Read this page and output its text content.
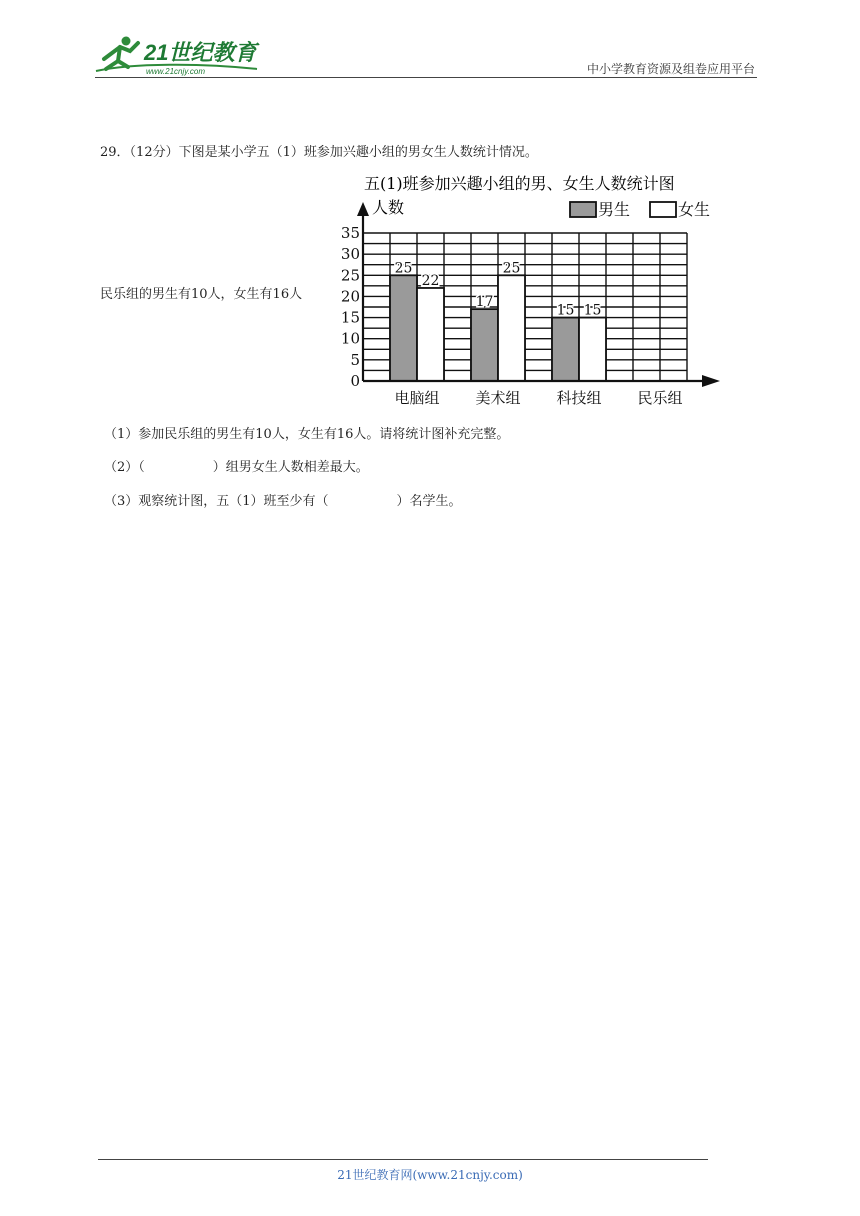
21世纪教育
www.21cnjy.com	中小学教育资源及组卷应用平台
29．（12分）下图是某小学五（1）班参加兴趣小组的男女生人数统计情况。
民乐组的男生有10人，女生有16人
五(1)班参加兴趣小组的男、女生人数统计图
人数	男生	女生
25
22
电脑组
17
25
美术组
15 15
科技组 民乐组
0
5
10
15
20
25
30
35
（1）参加民乐组的男生有10人，女生有16人。请将统计图补充完整。
（2）（	）组男女生人数相差最大。
（3）观察统计图，五（1）班至少有（	）名学生。
21世纪教育网(www.21cnjy.com)
